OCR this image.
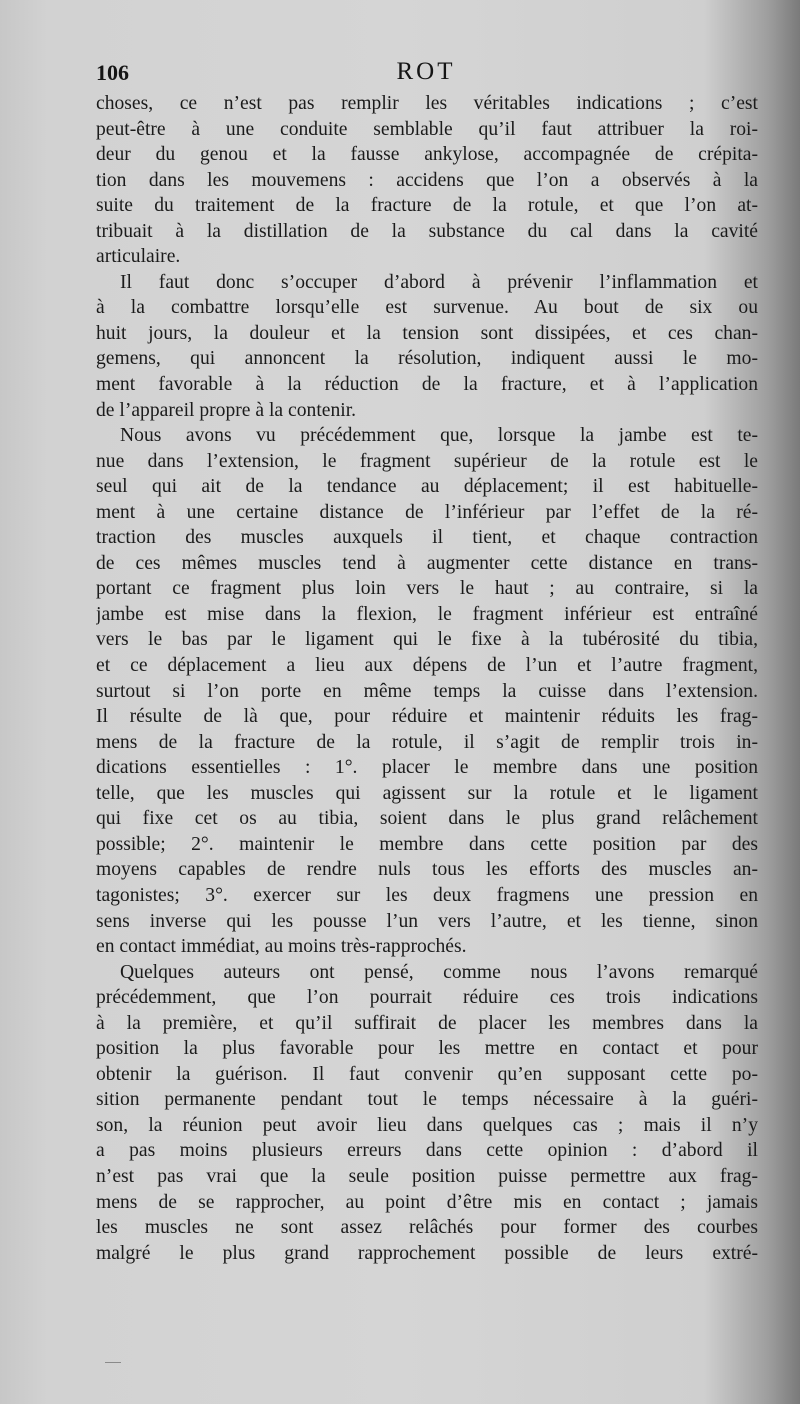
106	ROT
choses, ce n’est pas remplir les véritables indications ; c’est
peut-être à une conduite semblable qu’il faut attribuer la roi-
deur du genou et la fausse ankylose, accompagnée de crépita-
tion dans les mouvemens : accidens que l’on a observés à la
suite du traitement de la fracture de la rotule, et que l’on at-
tribuait à la distillation de la substance du cal dans la cavité
articulaire.
Il faut donc s’occuper d’abord à prévenir l’inflammation et
à la combattre lorsqu’elle est survenue. Au bout de six ou
huit jours, la douleur et la tension sont dissipées, et ces chan-
gemens, qui annoncent la résolution, indiquent aussi le mo-
ment favorable à la réduction de la fracture, et à l’application
de l’appareil propre à la contenir.
Nous avons vu précédemment que, lorsque la jambe est te-
nue dans l’extension, le fragment supérieur de la rotule est le
seul qui ait de la tendance au déplacement; il est habituelle-
ment à une certaine distance de l’inférieur par l’effet de la ré-
traction des muscles auxquels il tient, et chaque contraction
de ces mêmes muscles tend à augmenter cette distance en trans-
portant ce fragment plus loin vers le haut ; au contraire, si la
jambe est mise dans la flexion, le fragment inférieur est entraîné
vers le bas par le ligament qui le fixe à la tubérosité du tibia,
et ce déplacement a lieu aux dépens de l’un et l’autre fragment,
surtout si l’on porte en même temps la cuisse dans l’extension.
Il résulte de là que, pour réduire et maintenir réduits les frag-
mens de la fracture de la rotule, il s’agit de remplir trois in-
dications essentielles : 1°. placer le membre dans une position
telle, que les muscles qui agissent sur la rotule et le ligament
qui fixe cet os au tibia, soient dans le plus grand relâchement
possible; 2°. maintenir le membre dans cette position par des
moyens capables de rendre nuls tous les efforts des muscles an-
tagonistes; 3°. exercer sur les deux fragmens une pression en
sens inverse qui les pousse l’un vers l’autre, et les tienne, sinon
en contact immédiat, au moins très-rapprochés.
Quelques auteurs ont pensé, comme nous l’avons remarqué
précédemment, que l’on pourrait réduire ces trois indications
à la première, et qu’il suffirait de placer les membres dans la
position la plus favorable pour les mettre en contact et pour
obtenir la guérison. Il faut convenir qu’en supposant cette po-
sition permanente pendant tout le temps nécessaire à la guéri-
son, la réunion peut avoir lieu dans quelques cas ; mais il n’y
a pas moins plusieurs erreurs dans cette opinion : d’abord il
n’est pas vrai que la seule position puisse permettre aux frag-
mens de se rapprocher, au point d’être mis en contact ; jamais
les muscles ne sont assez relâchés pour former des courbes
malgré le plus grand rapprochement possible de leurs extré-
